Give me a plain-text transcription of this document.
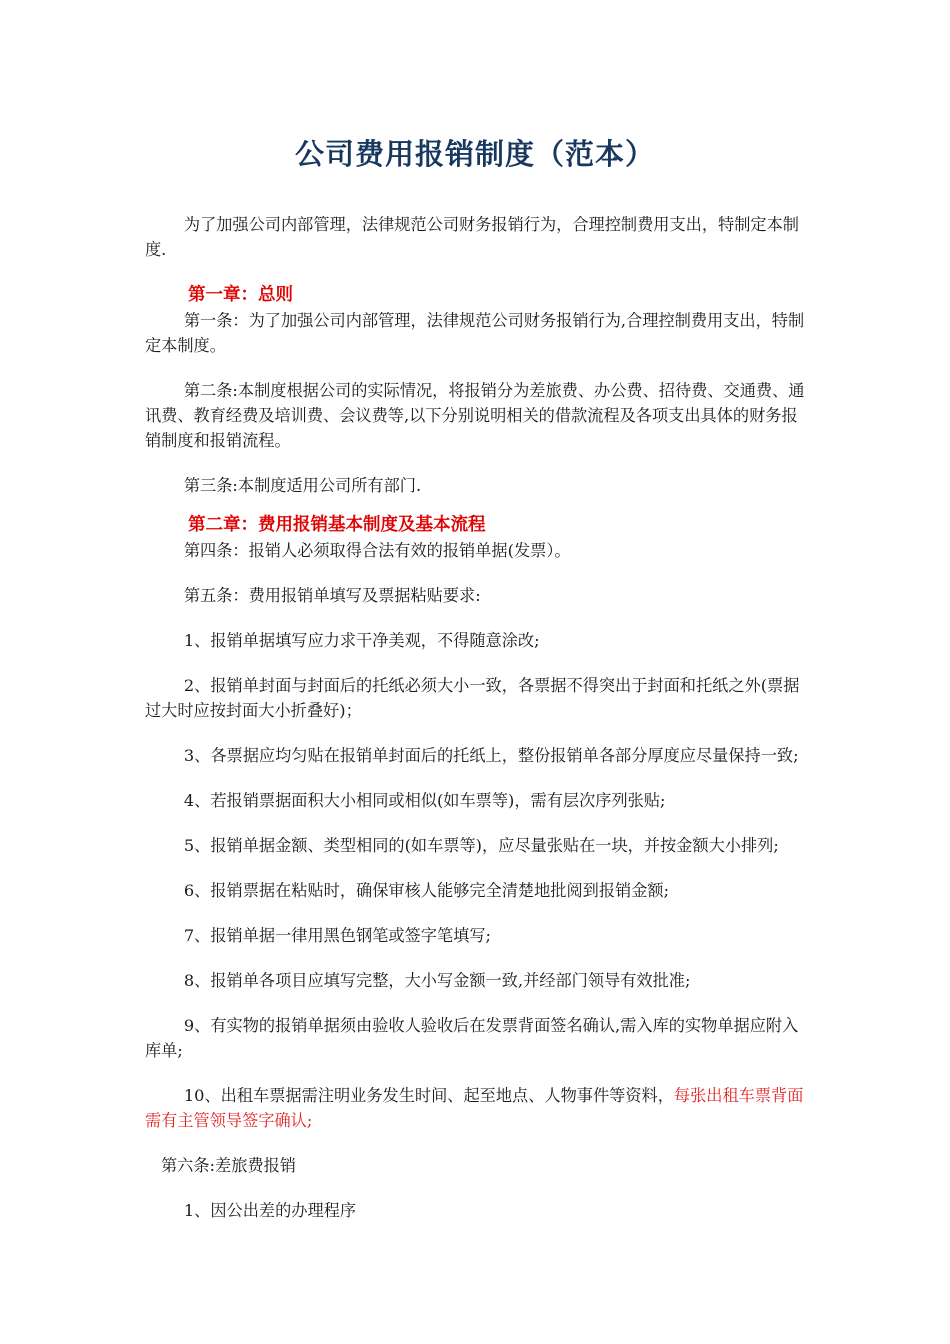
公司费用报销制度（范本）

为了加强公司内部管理，法律规范公司财务报销行为，合理控制费用支出，特制定本制度.

第一章：总则

第一条：为了加强公司内部管理，法律规范公司财务报销行为,合理控制费用支出，特制定本制度。

第二条:本制度根据公司的实际情况，将报销分为差旅费、办公费、招待费、交通费、通讯费、教育经费及培训费、会议费等,以下分别说明相关的借款流程及各项支出具体的财务报销制度和报销流程。

第三条:本制度适用公司所有部门.

第二章：费用报销基本制度及基本流程

第四条：报销人必须取得合法有效的报销单据(发票）。

第五条：费用报销单填写及票据粘贴要求:

1、报销单据填写应力求干净美观，不得随意涂改;

2、报销单封面与封面后的托纸必须大小一致，各票据不得突出于封面和托纸之外(票据过大时应按封面大小折叠好)；

3、各票据应均匀贴在报销单封面后的托纸上，整份报销单各部分厚度应尽量保持一致;

4、若报销票据面积大小相同或相似(如车票等)，需有层次序列张贴;

5、报销单据金额、类型相同的(如车票等)，应尽量张贴在一块，并按金额大小排列;

6、报销票据在粘贴时，确保审核人能够完全清楚地批阅到报销金额;

7、报销单据一律用黑色钢笔或签字笔填写;

8、报销单各项目应填写完整，大小写金额一致,并经部门领导有效批准;

9、有实物的报销单据须由验收人验收后在发票背面签名确认,需入库的实物单据应附入库单;

10、出租车票据需注明业务发生时间、起至地点、人物事件等资料，每张出租车票背面需有主管领导签字确认;

第六条:差旅费报销

1、因公出差的办理程序
